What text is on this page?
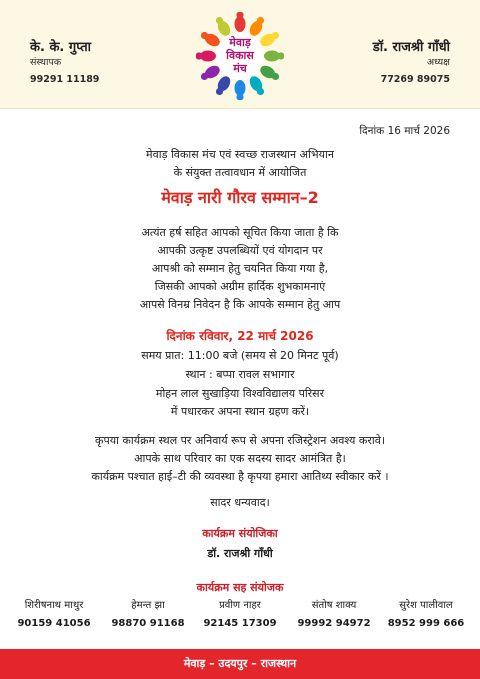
के. के. गुप्ता
संस्थापक
99291 11189
मेवाड़
विकास
मंच
डॉ. राजश्री गाँधी
अध्यक्ष
77269 89075
दिनांक 16 मार्च 2026
मेवाड़ विकास मंच एवं स्वच्छ राजस्थान अभियान
के संयुक्त तत्वावधान में आयोजित
मेवाड़ नारी गौरव सम्मान–2
अत्यंत हर्ष सहित आपको सूचित किया जाता है कि
आपकी उत्कृष्ट उपलब्धियों एवं योगदान पर
आपश्री को सम्मान हेतु चयनित किया गया है,
जिसकी आपको अग्रीम हार्दिक शुभकामनाएं
आपसे विनम्र निवेदन है कि आपके सम्मान हेतु आप
दिनांक रविवार, 22 मार्च 2026
समय प्रात: 11:00 बजे (समय से 20 मिनट पूर्व)
स्थान : बप्पा रावल सभागार
मोहन लाल सुखाड़िया विश्वविद्यालय परिसर
में पधारकर अपना स्थान ग्रहण करें।
कृपया कार्यक्रम स्थल पर अनिवार्य रूप से अपना रजिस्ट्रेशन अवश्य करावे।
आपके साथ परिवार का एक सदस्य सादर आमंत्रित है।
कार्यक्रम पश्चात हाई–टी की व्यवस्था है कृपया हमारा आतिथ्य स्वीकार करें ।
सादर धन्यवाद।
कार्यक्रम संयोजिका
डॉ. राजश्री गाँधी
कार्यक्रम सह संयोजक
शिरीषनाथ माथुर
90159 41056
हेमन्त झा
98870 91168
प्रवीण नाहर
92145 17309
संतोष शाक्य
99992 94972
सुरेश पालीवाल
8952 999 666
मेवाड़ – उदयपुर – राजस्थान
